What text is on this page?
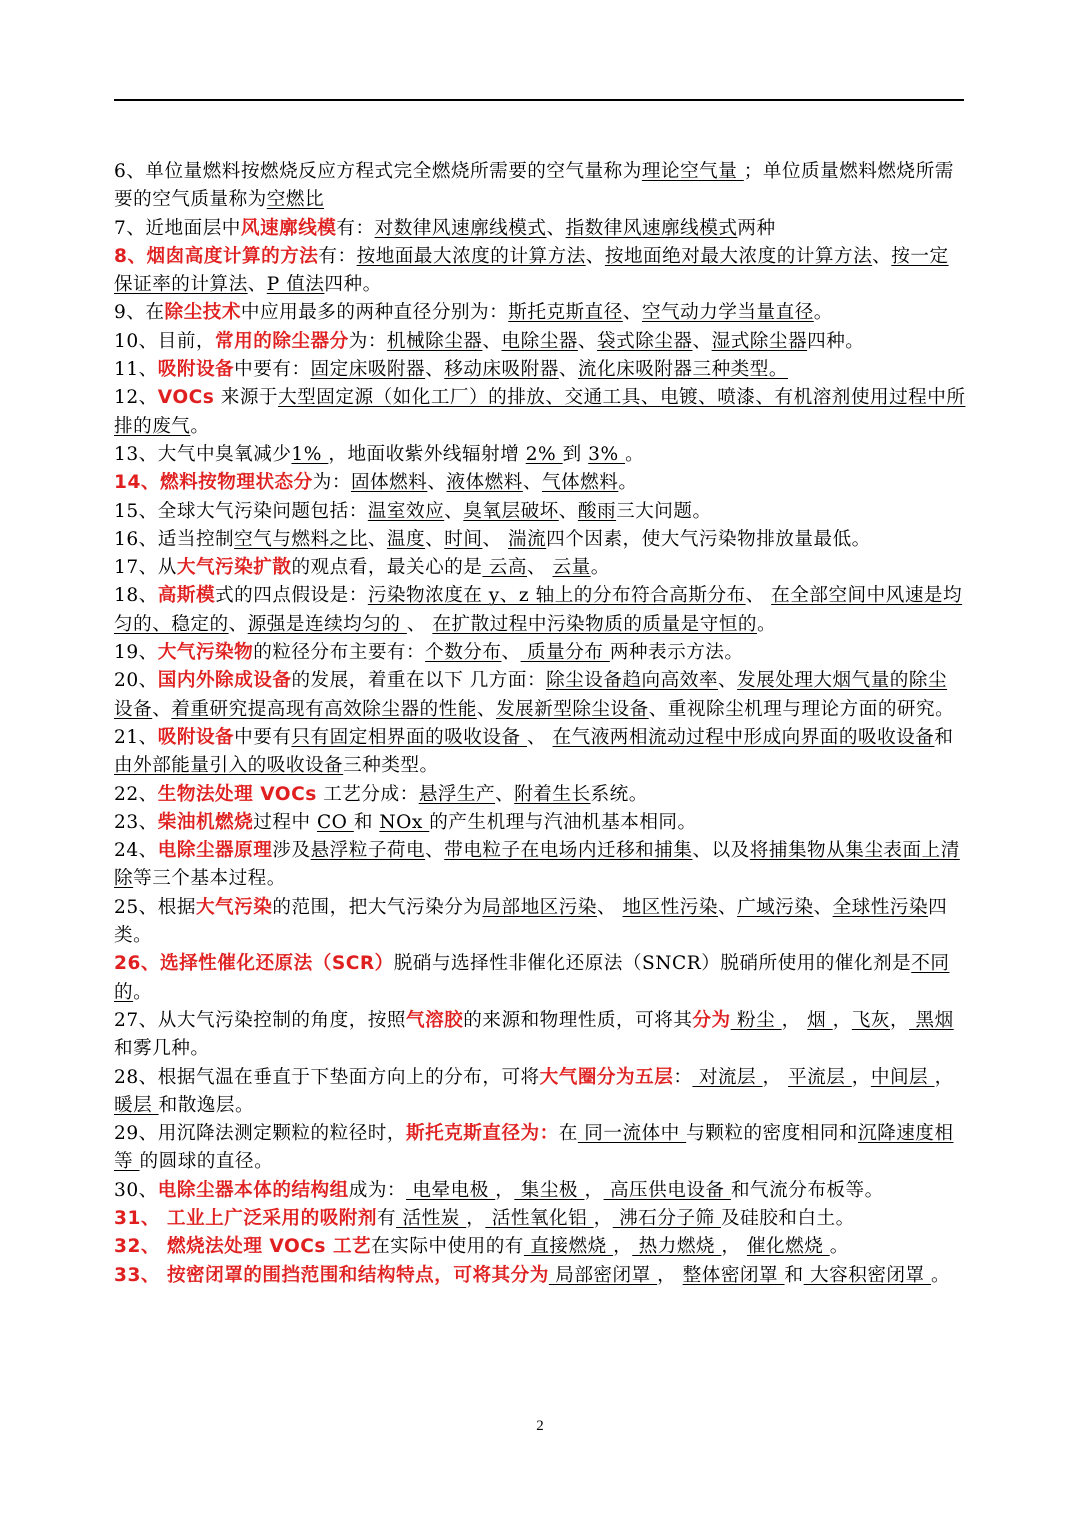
6、单位量燃料按燃烧反应方程式完全燃烧所需要的空气量称为理论空气量 ；单位质量燃料燃烧所需要的空气质量称为空燃比

7、近地面层中风速廓线模有：对数律风速廓线模式、指数律风速廓线模式两种

8、烟囱高度计算的方法有：按地面最大浓度的计算方法、按地面绝对最大浓度的计算方法、按一定保证率的计算法、P 值法四种。

9、在除尘技术中应用最多的两种直径分别为：斯托克斯直径、空气动力学当量直径。

10、目前，常用的除尘器分为：机械除尘器、电除尘器、袋式除尘器、湿式除尘器四种。

11、吸附设备中要有：固定床吸附器、移动床吸附器、流化床吸附器三种类型。

12、VOCs 来源于大型固定源（如化工厂）的排放、交通工具、电镀、喷漆、有机溶剂使用过程中所排的废气。

13、大气中臭氧减少1% ，地面收紫外线辐射增 2% 到 3% 。

14、燃料按物理状态分为：固体燃料、液体燃料、气体燃料。

15、全球大气污染问题包括：温室效应、臭氧层破坏、酸雨三大问题。

16、适当控制空气与燃料之比、温度、时间、 湍流四个因素，使大气污染物排放量最低。

17、从大气污染扩散的观点看，最关心的是 云高、 云量。

18、高斯模式的四点假设是：污染物浓度在 y、z 轴上的分布符合高斯分布、 在全部空间中风速是均匀的、稳定的、源强是连续均匀的 、 在扩散过程中污染物质的质量是守恒的。

19、大气污染物的粒径分布主要有：个数分布、 质量分布 两种表示方法。

20、国内外除成设备的发展，着重在以下 几方面：除尘设备趋向高效率、发展处理大烟气量的除尘设备、着重研究提高现有高效除尘器的性能、发展新型除尘设备、重视除尘机理与理论方面的研究。

21、吸附设备中要有只有固定相界面的吸收设备 、 在气液两相流动过程中形成向界面的吸收设备和由外部能量引入的吸收设备三种类型。

22、生物法处理 VOCs 工艺分成：悬浮生产、附着生长系统。

23、柴油机燃烧过程中 CO 和 NOx 的产生机理与汽油机基本相同。

24、电除尘器原理涉及悬浮粒子荷电、带电粒子在电场内迁移和捕集、以及将捕集物从集尘表面上清除等三个基本过程。

25、根据大气污染的范围，把大气污染分为局部地区污染、 地区性污染、广域污染、全球性污染四类。

26、选择性催化还原法（SCR）脱硝与选择性非催化还原法（SNCR）脱硝所使用的催化剂是不同的。

27、从大气污染控制的角度，按照气溶胶的来源和物理性质，可将其分为 粉尘 ， 烟 ，飞灰， 黑烟 和雾几种。

28、根据气温在垂直于下垫面方向上的分布，可将大气圈分为五层： 对流层 ， 平流层 ，中间层 ， 暖层 和散逸层。

29、用沉降法测定颗粒的粒径时，斯托克斯直径为：在 同一流体中 与颗粒的密度相同和沉降速度相等 的圆球的直径。

30、电除尘器本体的结构组成为： 电晕电极 ， 集尘极 ， 高压供电设备 和气流分布板等。

31、 工业上广泛采用的吸附剂有 活性炭 ， 活性氧化铝 ， 沸石分子筛 及硅胶和白土。

32、 燃烧法处理 VOCs 工艺在实际中使用的有 直接燃烧 ， 热力燃烧 ， 催化燃烧 。

33、 按密闭罩的围挡范围和结构特点，可将其分为 局部密闭罩 ， 整体密闭罩 和 大容积密闭罩 。

2
